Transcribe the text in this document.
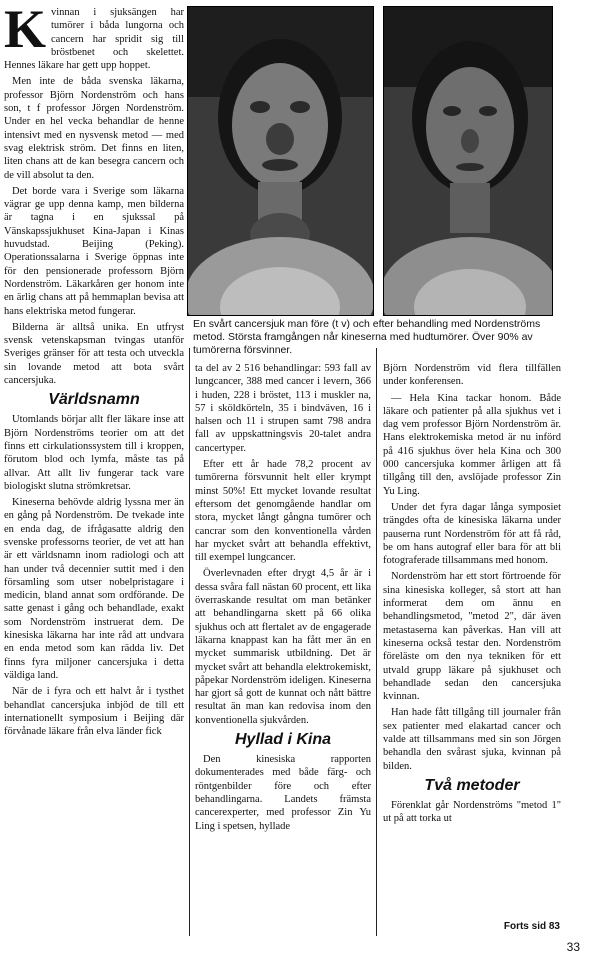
Kvinnan i sjuksängen har tumörer i båda lungorna och cancern har spridit sig till bröstbenet och skelettet. Hennes läkare har gett upp hoppet.

Men inte de båda svenska läkarna, professor Björn Nordenström och hans son, t f professor Jörgen Nordenström. Under en hel vecka behandlar de henne intensivt med en nysvensk metod — med svag elektrisk ström. Det finns en liten, liten chans att de kan besegra cancern och de vill absolut ta den.

Det borde vara i Sverige som läkarna vägrar ge upp denna kamp, men bilderna är tagna i en sjukssal på Vänskapssjukhuset Kina-Japan i Kinas huvudstad. Beijing (Peking). Operationssalarna i Sverige öppnas inte för den pensionerade professorn Björn Nordenström. Läkarkåren ger honom inte en ärlig chans att på hemmaplan bevisa att hans elektriska metod fungerar.

Bilderna är alltså unika. En utfryst svensk vetenskapsman tvingas utanför Sveriges gränser för att testa och utveckla sin lovande metod att bota svårt cancersjuka.

Världsnamn

Utomlands börjar allt fler läkare inse att Björn Nordenströms teorier om att det finns ett cirkulationssystem till i kroppen, förutom blod och lymfa, måste tas på allvar. Att allt liv fungerar tack vare biologiskt slutna strömkretsar.

Kineserna behövde aldrig lyssna mer än en gång på Nordenström. De tvekade inte en enda dag, de ifrågasatte aldrig den svenske professorns teorier, de vet att han är ett världsnamn inom radiologi och att han under två decennier suttit med i den församling som utser nobelpristagare i medicin, bland annat som ordförande. De satte genast i gång och behandlade, exakt som Nordenström instruerat dem. De kinesiska läkarna har inte råd att undvara en enda metod som kan rädda liv. Det finns fyra miljoner cancersjuka i detta väldiga land.

När de i fyra och ett halvt år i tysthet behandlat cancersjuka inbjöd de till ett internationellt symposium i Beijing där förvånade läkare från elva länder fick

En svårt cancersjuk man före (t v) och efter behandling med Nordenströms metod. Största framgången når kineserna med hudtumörer. Över 90% av tumörerna försvinner.

ta del av 2 516 behandlingar: 593 fall av lungcancer, 388 med cancer i levern, 366 i huden, 228 i bröstet, 113 i muskler na, 57 i sköldkörteln, 35 i bindväven, 16 i halsen och 11 i strupen samt 798 andra fall av uppskattningsvis 20-talet andra cancertyper.

Efter ett år hade 78,2 procent av tumörerna försvunnit helt eller krympt minst 50%! Ett mycket lovande resultat eftersom det genomgående handlar om stora, mycket långt gångna tumörer och cancrar som den konventionella vården har mycket svårt att behandla effektivt, till exempel lungcancer.

Överlevnaden efter drygt 4,5 år är i dessa svåra fall nästan 60 procent, ett lika överraskande resultat om man betänker att behandlingarna skett på 66 olika sjukhus och att flertalet av de engagerade läkarna knappast kan ha fått mer än en mycket summarisk utbildning. Det är mycket svårt att behandla elektrokemiskt, påpekar Nordenström ideligen. Kineserna har gjort så gott de kunnat och nått bättre resultat än man kan redovisa inom den konventionella sjukvården.

Hyllad i Kina

Den kinesiska rapporten dokumenterades med både färg- och röntgenbilder före och efter behandlingarna. Landets främsta cancerexperter, med professor Zin Yu Ling i spetsen, hyllade

Björn Nordenström vid flera tillfällen under konferensen.

— Hela Kina tackar honom. Både läkare och patienter på alla sjukhus vet i dag vem professor Björn Nordenström är. Hans elektrokemiska metod är nu införd på 416 sjukhus över hela Kina och 300 000 cancersjuka kommer årligen att få tillgång till den, avslöjade professor Zin Yu Ling.

Under det fyra dagar långa symposiet trängdes ofta de kinesiska läkarna under pauserna runt Nordenström för att få råd, be om hans autograf eller bara för att bli fotograferade tillsammans med honom.

Nordenström har ett stort förtroende för sina kinesiska kolleger, så stort att han informerat dem om ännu en behandlingsmetod, "metod 2", där även metastaserna kan påverkas. Han vill att kineserna också testar den. Nordenström föreläste om den nya tekniken för ett utvald grupp läkare på sjukhuset och behandlade sedan den cancersjuka kvinnan.

Han hade fått tillgång till journaler från sex patienter med elakartad cancer och valde att tillsammans med sin son Jörgen behandla den svårast sjuka, kvinnan på bilden.

Två metoder

Förenklat går Nordenströms "metod 1" ut på att torka ut

Forts sid 83
33
